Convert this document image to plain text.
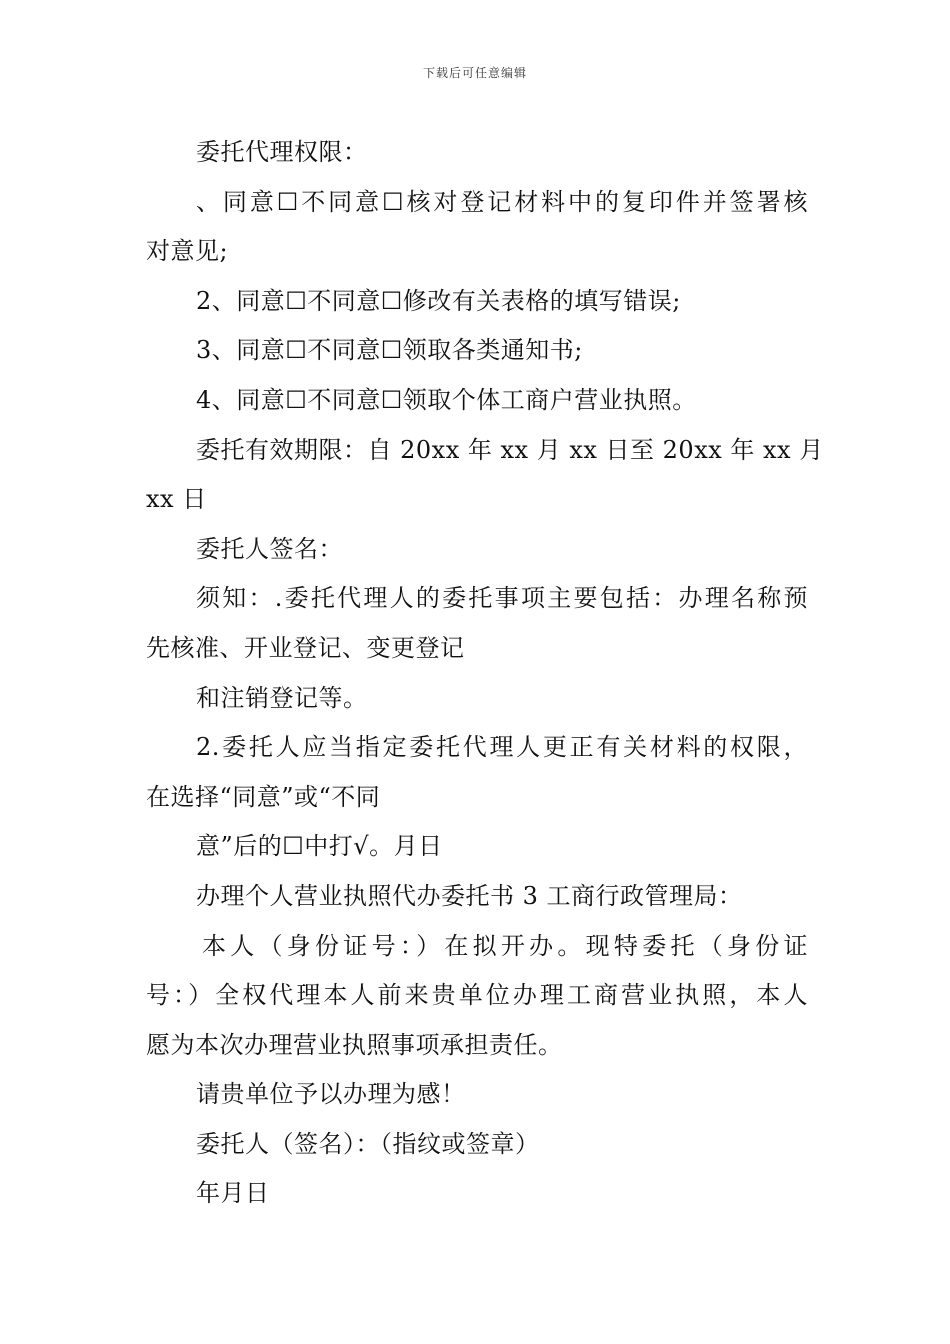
下载后可任意编辑
委托代理权限：
、同意☐不同意☐核对登记材料中的复印件并签署核
对意见;
2、同意☐不同意☐修改有关表格的填写错误;
3、同意☐不同意☐领取各类通知书;
4、同意☐不同意☐领取个体工商户营业执照。
委托有效期限：自 20xx 年 xx 月 xx 日至 20xx 年 xx 月
xx 日
委托人签名：
须知：.委托代理人的委托事项主要包括：办理名称预
先核准、开业登记、变更登记
和注销登记等。
2.委托人应当指定委托代理人更正有关材料的权限，
在选择“同意”或“不同
意”后的☐中打√。月日
办理个人营业执照代办委托书 3 工商行政管理局：
本人（身份证号：）在拟开办。现特委托（身份证
号：）全权代理本人前来贵单位办理工商营业执照，本人
愿为本次办理营业执照事项承担责任。
请贵单位予以办理为感！
委托人（签名）：（指纹或签章）
年月日
